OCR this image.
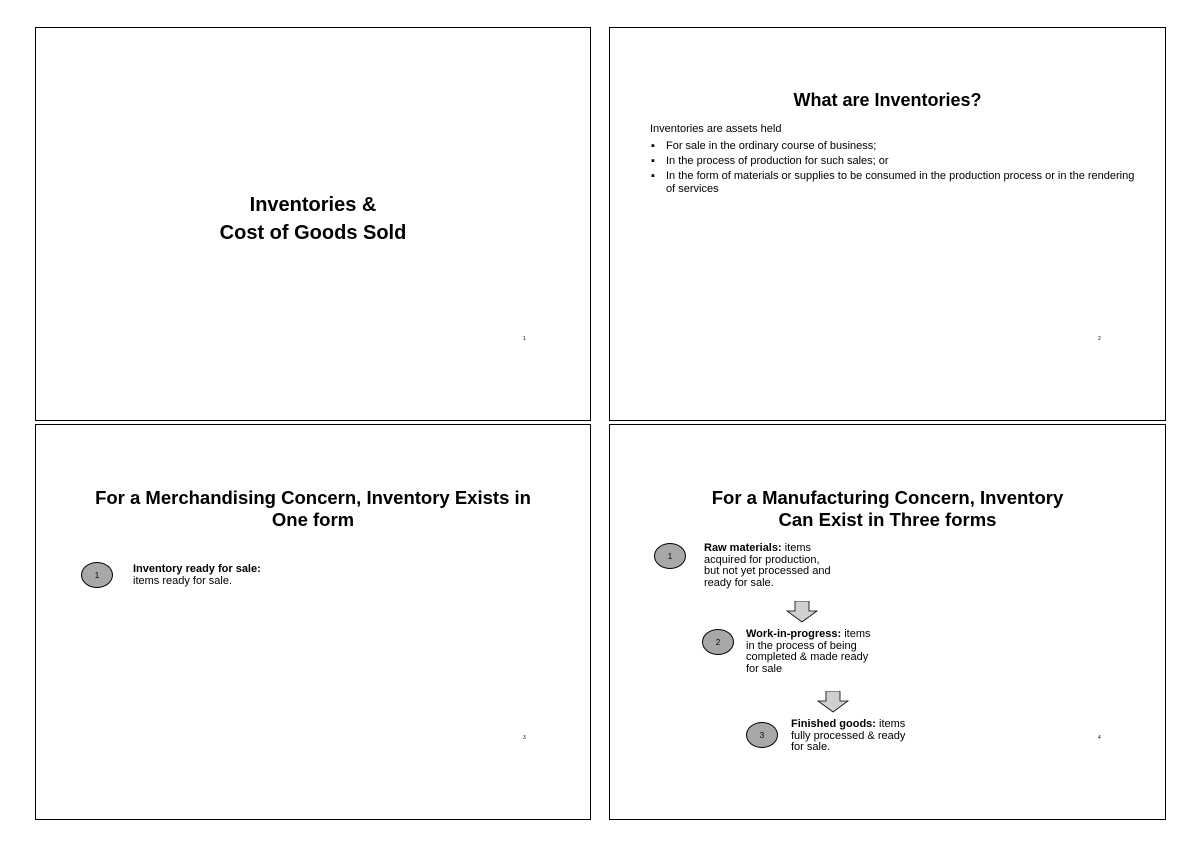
Inventories &
Cost of Goods Sold
1
What are Inventories?

Inventories are assets held

▪ For sale in the ordinary course of business;
▪ In the process of production for such sales; or
▪ In the form of materials or supplies to be consumed in the production process or in the rendering of services
2
For a Merchandising Concern, Inventory Exists in
One form
1	Inventory ready for sale:
items ready for sale.
3
For a Manufacturing Concern, Inventory
Can Exist in Three forms
1
Raw materials: items
acquired for production,
but not yet processed and
ready for sale.
2
Work-in-progress: items
in the process of being
completed & made ready
for sale
3
Finished goods: items
fully processed & ready
for sale.
4
